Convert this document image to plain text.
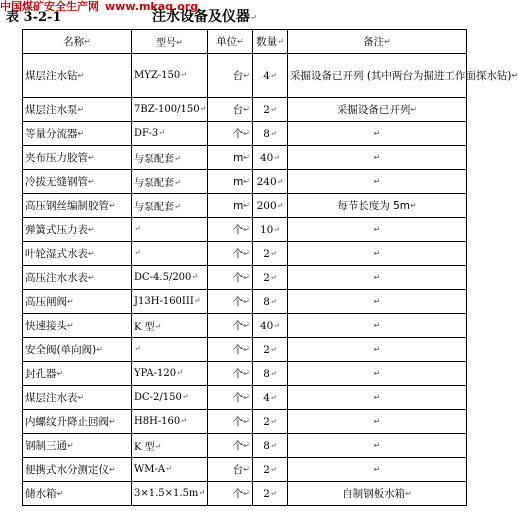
中国煤矿安全生产网 www.mkaq.org
表 3-2-1	注水设备及仪器↵
名称↵	型号↵	单位↵	数量↵	备注↵
煤层注水钻↵	MYZ-150↵	台↵	4↵	采掘设备已开列 (其中两台为掘进工作面探水钻)↵
煤层注水泵↵	7BZ-100/150↵	台↵	2↵	采掘设备已开列↵
等量分流器↵	DF-3↵	个↵	8↵	↵
夹布压力胶管↵	与泵配套↵	m↵	40↵	↵
冷拔无缝钢管↵	与泵配套↵	m↵	240↵	↵
高压钢丝编制胶管↵	与泵配套↵	m↵	200↵	每节长度为 5m↵
弹簧式压力表↵	↵	个↵	10↵	↵
叶轮湿式水表↵	↵	个↵	2↵	↵
高压注水水表↵	DC-4.5/200↵	个↵	2↵	↵
高压闸阀↵	J13H-160III↵	个↵	8↵	↵
快速接头↵	K 型↵	个↵	40↵	↵
安全阀(单向阀)↵	↵	个↵	2↵	↵
封孔器↵	YPA-120↵	个↵	8↵	↵
煤层注水表↵	DC-2/150↵	个↵	4↵	↵
内螺纹升降止回阀↵	H8H-160↵	个↵	2↵	↵
钢制三通↵	K 型↵	个↵	8↵	↵
便携式水分测定仪↵	WM-A↵	台↵	2↵	↵
储水箱↵	3×1.5×1.5m↵	个↵	2↵	自制钢板水箱↵
